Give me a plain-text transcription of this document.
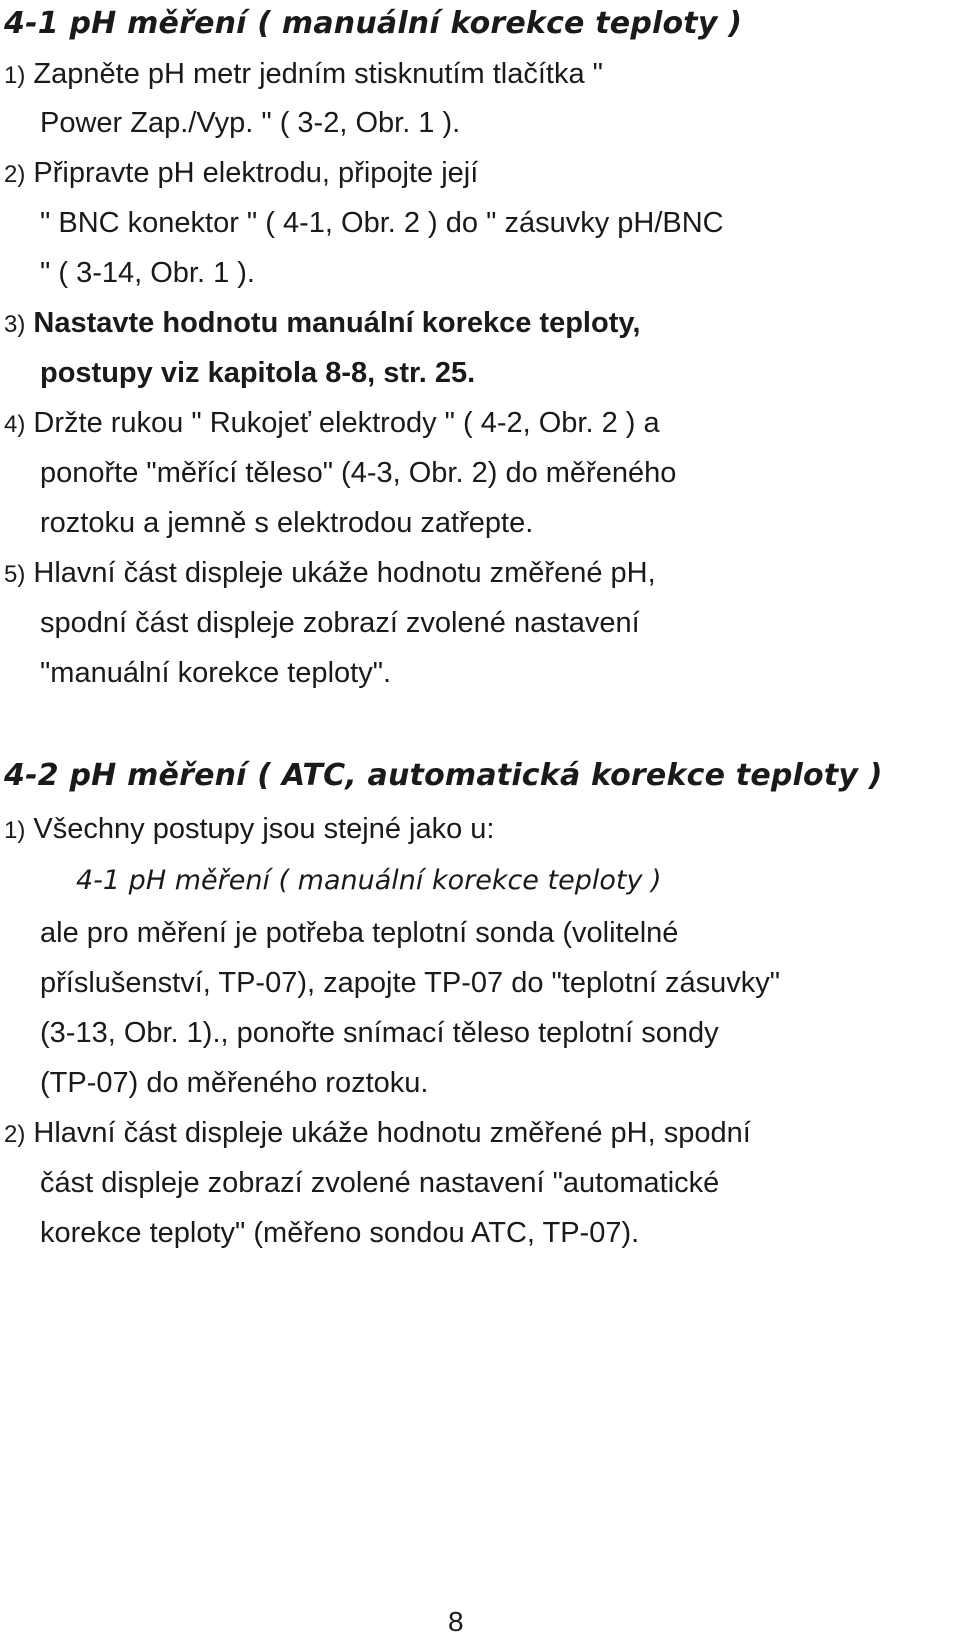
4-1 pH měření ( manuální korekce teploty )
1) Zapněte pH metr jedním stisknutím tlačítka "
Power Zap./Vyp. " ( 3-2, Obr. 1 ).
2) Připravte pH elektrodu, připojte její
" BNC konektor " ( 4-1, Obr. 2 ) do " zásuvky pH/BNC
" ( 3-14, Obr. 1 ).
3) Nastavte hodnotu manuální korekce teploty,
postupy viz kapitola 8-8, str. 25.
4) Držte rukou " Rukojeť elektrody " ( 4-2, Obr. 2 ) a
ponořte "měřící těleso" (4-3, Obr. 2) do měřeného
roztoku a jemně s elektrodou zatřepte.
5) Hlavní část displeje ukáže hodnotu změřené pH,
spodní část displeje zobrazí zvolené nastavení
"manuální korekce teploty".
4-2 pH měření ( ATC, automatická korekce teploty )
1) Všechny postupy jsou stejné jako u:
4-1 pH měření ( manuální korekce teploty )
ale pro měření je potřeba teplotní sonda (volitelné
příslušenství, TP-07), zapojte TP-07 do "teplotní zásuvky"
(3-13, Obr. 1)., ponořte snímací těleso teplotní sondy
(TP-07) do měřeného roztoku.
2) Hlavní část displeje ukáže hodnotu změřené pH, spodní
část displeje zobrazí zvolené nastavení "automatické
korekce teploty" (měřeno sondou ATC, TP-07).
8
